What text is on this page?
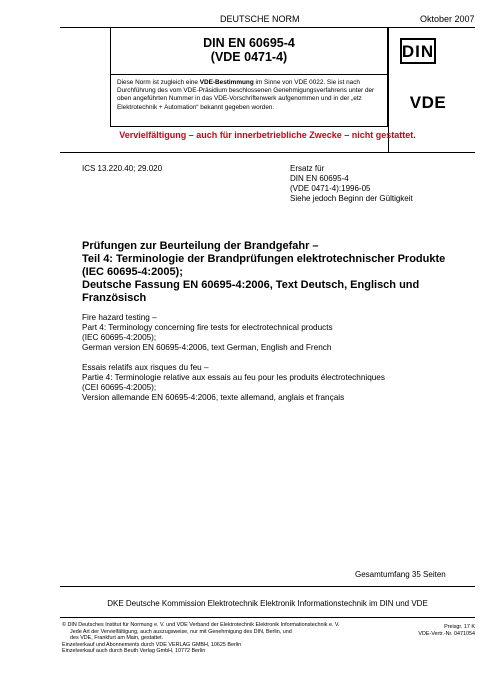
DEUTSCHE NORM	Oktober 2007
DIN EN 60695-4
(VDE 0471-4)	DIN
Diese Norm ist zugleich eine VDE-Bestimmung im Sinne von VDE 0022. Sie ist nach Durchführung des vom VDE-Präsidium beschlossenen Genehmigungsverfahrens unter der oben angeführten Nummer in das VDE-Vorschriftenwerk aufgenommen und in der „etz Elektrotechnik + Automation“ bekannt gegeben worden.	VDE
Vervielfältigung – auch für innerbetriebliche Zwecke – nicht gestattet.
ICS 13.220.40; 29.020	Ersatz für
DIN EN 60695-4
(VDE 0471-4):1996-05
Siehe jedoch Beginn der Gültigkeit
Prüfungen zur Beurteilung der Brandgefahr –
Teil 4: Terminologie der Brandprüfungen elektrotechnischer Produkte
(IEC 60695-4:2005);
Deutsche Fassung EN 60695-4:2006, Text Deutsch, Englisch und
Französisch
Fire hazard testing –
Part 4: Terminology concerning fire tests for electrotechnical products
(IEC 60695-4:2005);
German version EN 60695-4:2006, text German, English and French
Essais relatifs aux risques du feu –
Partie 4: Terminologie relative aux essais au feu pour les produits électrotechniques
(CEI 60695-4:2005);
Version allemande EN 60695-4:2006, texte allemand, anglais et français
Gesamtumfang 35 Seiten
DKE Deutsche Kommission Elektrotechnik Elektronik Informationstechnik im DIN und VDE
© DIN Deutsches Institut für Normung e. V. und VDE Verband der Elektrotechnik Elektronik Informationstechnik e. V.
Jede Art der Vervielfältigung, auch auszugsweise, nur mit Genehmigung des DIN, Berlin, und
des VDE, Frankfurt am Main, gestattet.
Einzelverkauf und Abonnements durch VDE VERLAG GMBH, 10625 Berlin
Einzelverkauf auch durch Beuth Verlag GmbH, 10772 Berlin
Preisgr. 17 K
VDE-Vertr.-Nr. 0471054
